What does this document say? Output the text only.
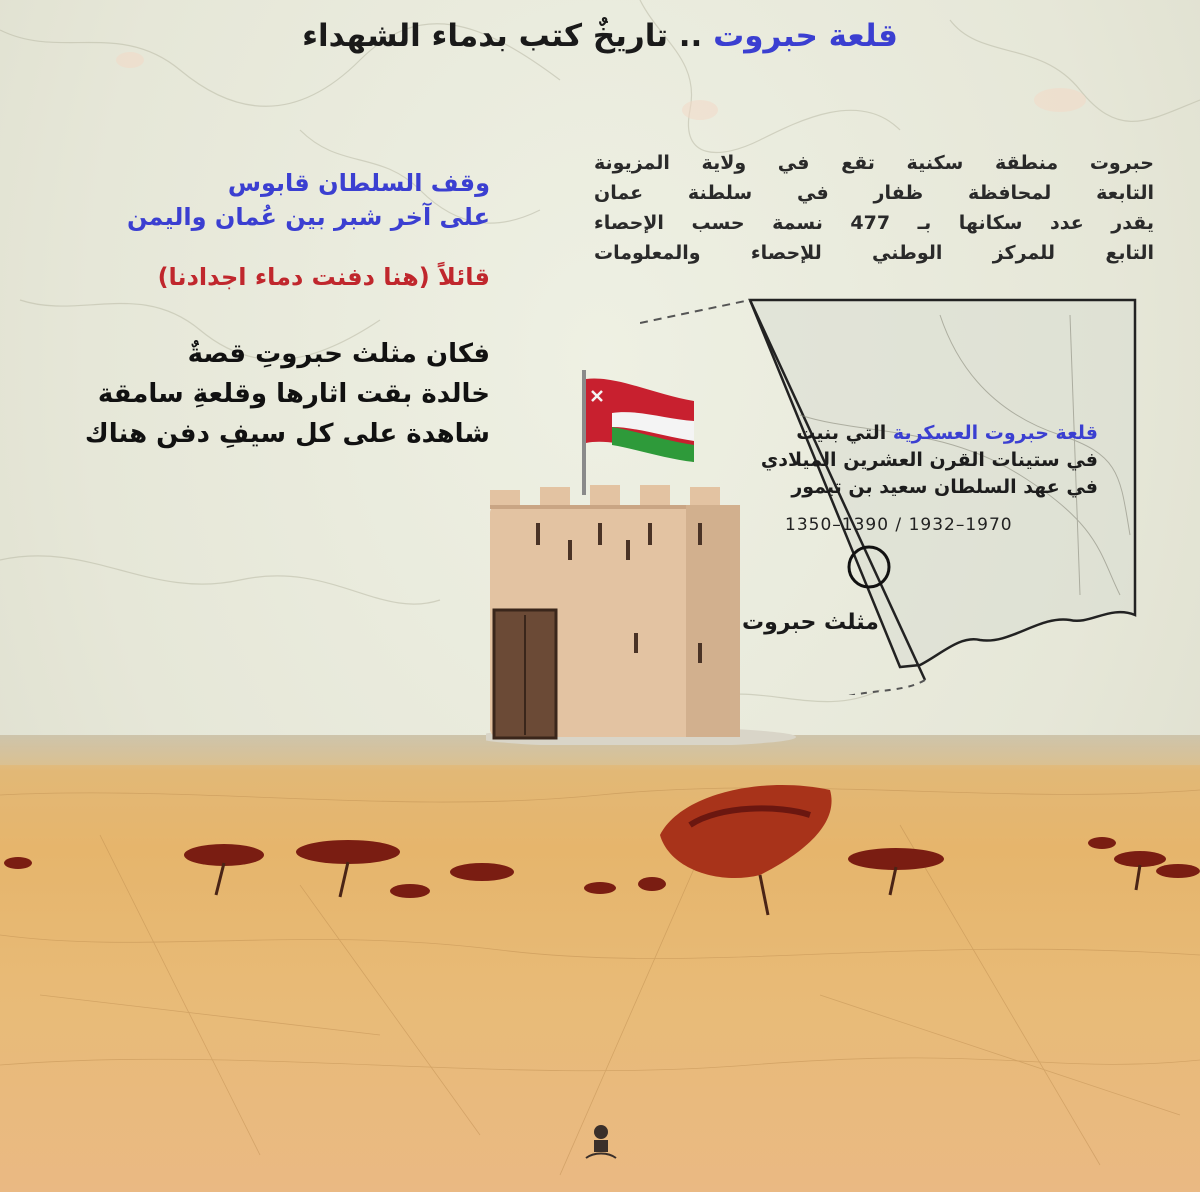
قلعة حبروت .. تاريخٌ كتب بدماء الشهداء

حبروت منطقة سكنية تقع في ولاية المزيونة

التابعة لمحافظة ظفار في سلطنة عمان

يقدر عدد سكانها بـ 477 نسمة حسب الإحصاء

التابع للمركز الوطني للإحصاء والمعلومات

وقف السلطان قابوس

على آخر شبر بين عُمان واليمن

قائلاً (هنا دفنت دماء اجدادنا)

فكان مثلث حبروتِ قصةٌ

خالدة بقت اثارها وقلعةِ سامقة

شاهدة على كل سيفِ دفن هناك	قلعة حبروت العسكرية التي بنيت

في ستينات القرن العشرين الميلادي

في عهد السلطان سعيد بن تيمور

1350–1390 / 1932–1970
مثلث حبروت
